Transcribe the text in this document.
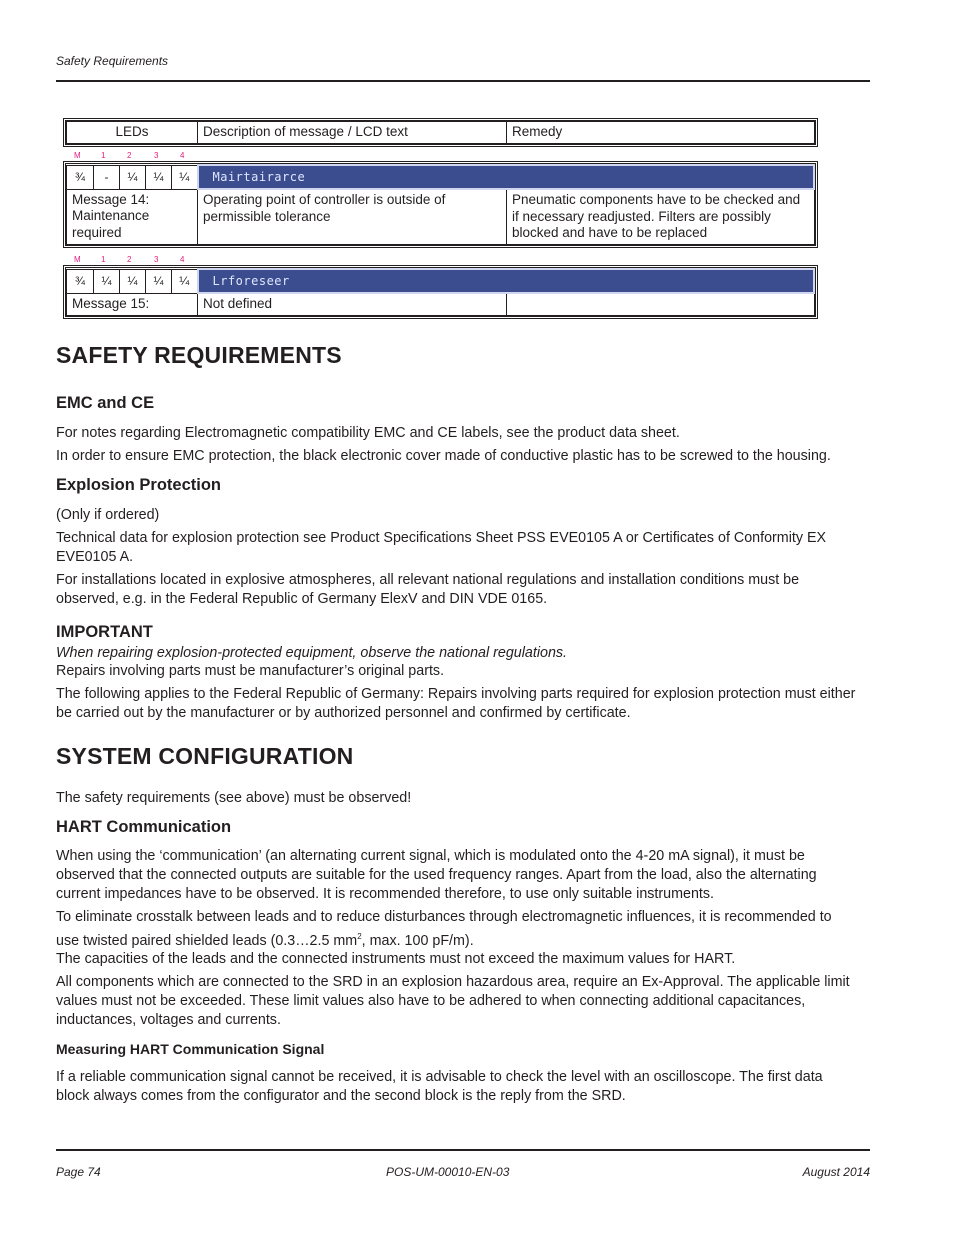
Safety Requirements
LEDs	Description of message / LCD text	Remedy
M	1	2	3	4
¾	-	¼	¼	¼	Mairtairarce	
Message 14: Maintenance required					Operating point of controller is outside of permissible tolerance	Pneumatic components have to be checked and if necessary readjusted. Filters are possibly blocked and have to be replaced
M	1	2	3	4
¾	¼	¼	¼	¼	Lrforeseer	
Message 15:					Not defined	
SAFETY REQUIREMENTS
EMC and CE

For notes regarding Electromagnetic compatibility EMC and CE labels, see the product data sheet.

In order to ensure EMC protection, the black electronic cover made of conductive plastic has to be screwed to the housing.

Explosion Protection

(Only if ordered)

Technical data for explosion protection see Product Specifications Sheet PSS EVE0105 A or Certificates of Conformity EX EVE0105 A.

For installations located in explosive atmospheres, all relevant national regulations and installation conditions must be observed, e.g. in the Federal Republic of Germany ElexV and DIN VDE 0165.

IMPORTANT

When repairing explosion-protected equipment, observe the national regulations.

Repairs involving parts must be manufacturer’s original parts.

The following applies to the Federal Republic of Germany: Repairs involving parts required for explosion protection must either be carried out by the manufacturer or by authorized personnel and confirmed by certificate.

SYSTEM CONFIGURATION

The safety requirements (see above) must be observed!

HART Communication

When using the ‘communication’ (an alternating current signal, which is modulated onto the 4-20 mA signal), it must be observed that the connected outputs are suitable for the used frequency ranges. Apart from the load, also the alternating current impedances have to be observed. It is recommended therefore, to use only suitable instruments.

To eliminate crosstalk between leads and to reduce disturbances through electromagnetic influences, it is recommended to use twisted paired shielded leads (0.3…2.5 $mm^2$, max. 100 pF/m).

The capacities of the leads and the connected instruments must not exceed the maximum values for HART.

All components which are connected to the SRD in an explosion hazardous area, require an Ex-Approval. The applicable limit values must not be exceeded. These limit values also have to be adhered to when connecting additional capacitances, inductances, voltages and currents.

Measuring HART Communication Signal

If a reliable communication signal cannot be received, it is advisable to check the level with an oscilloscope. The first data block always comes from the configurator and the second block is the reply from the SRD.

Page 74	POS-UM-00010-EN-03	August 2014
